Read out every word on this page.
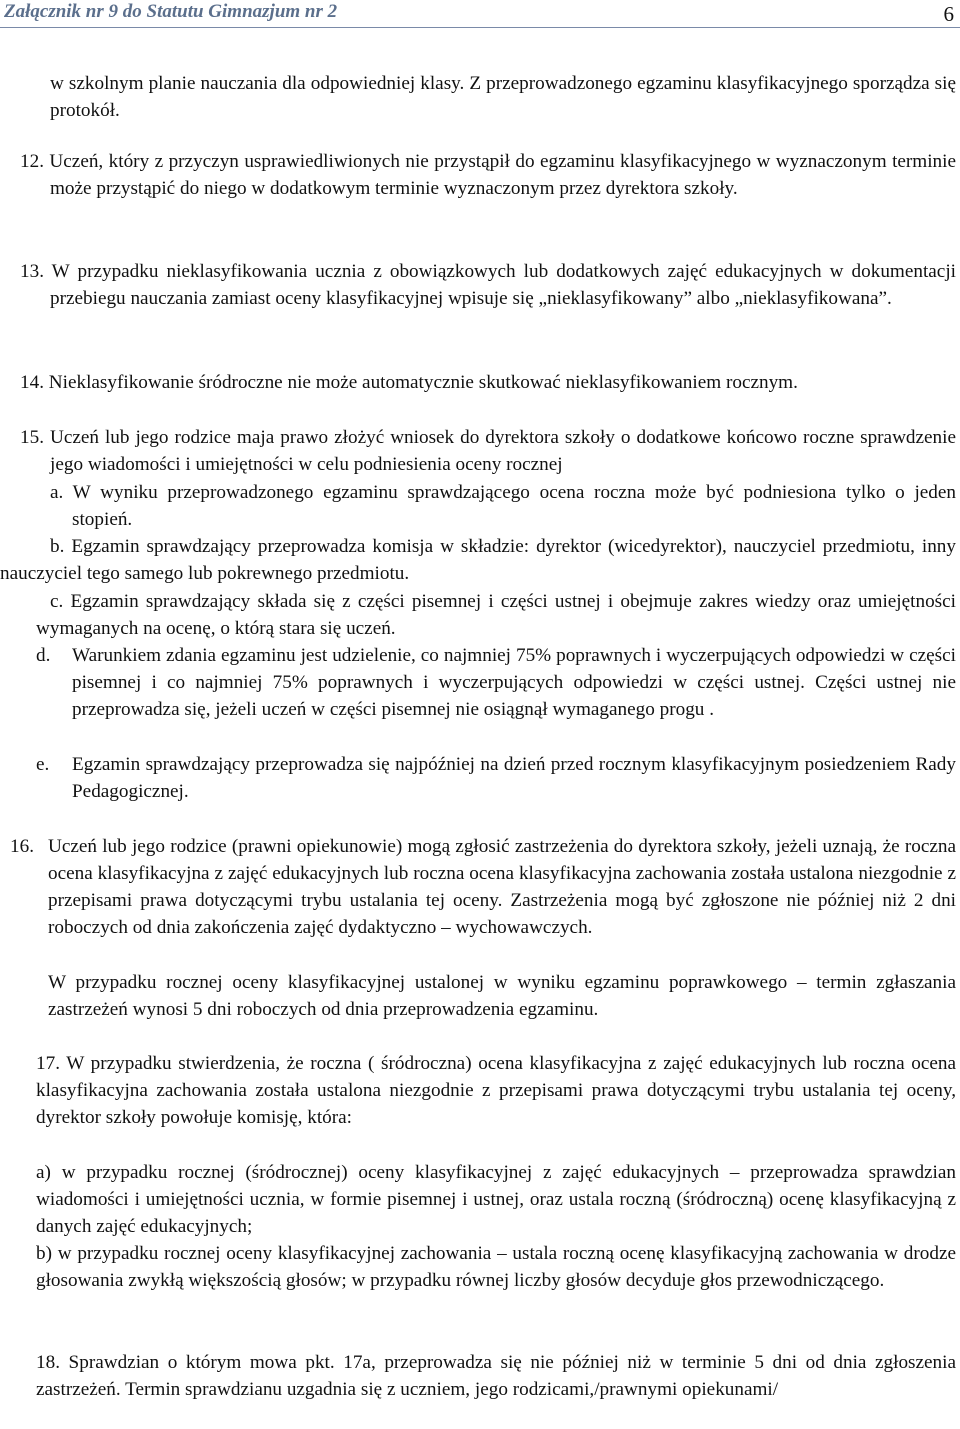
Załącznik nr 9 do Statutu Gimnazjum nr 2	6

w szkolnym planie nauczania dla odpowiedniej klasy. Z przeprowadzonego egzaminu klasyfikacyjnego sporządza się protokół.

12. Uczeń, który z przyczyn usprawiedliwionych nie przystąpił do egzaminu klasyfikacyjnego w wyznaczonym terminie może przystąpić do niego w dodatkowym terminie wyznaczonym przez dyrektora szkoły.

13. W przypadku nieklasyfikowania ucznia z obowiązkowych lub dodatkowych zajęć edukacyjnych w dokumentacji przebiegu nauczania zamiast oceny klasyfikacyjnej wpisuje się „nieklasyfikowany” albo „nieklasyfikowana”.

14. Nieklasyfikowanie śródroczne nie może automatycznie skutkować nieklasyfikowaniem rocznym.

15. Uczeń lub jego rodzice maja prawo złożyć wniosek do dyrektora szkoły o dodatkowe końcowo roczne sprawdzenie jego wiadomości i umiejętności w celu podniesienia oceny rocznej

a. W wyniku przeprowadzonego egzaminu sprawdzającego ocena roczna może być podniesiona tylko o jeden stopień.

b. Egzamin sprawdzający przeprowadza komisja w składzie: dyrektor (wicedyrektor), nauczyciel przedmiotu, inny nauczyciel tego samego lub pokrewnego przedmiotu.

c. Egzamin sprawdzający składa się z części pisemnej i części ustnej i obejmuje zakres wiedzy oraz umiejętności wymaganych na ocenę, o którą stara się uczeń.

d. Warunkiem zdania egzaminu jest udzielenie, co najmniej 75% poprawnych i wyczerpujących odpowiedzi w części pisemnej i co najmniej 75% poprawnych i wyczerpujących odpowiedzi w części ustnej. Części ustnej nie przeprowadza się, jeżeli uczeń w części pisemnej nie osiągnął wymaganego progu .

e. Egzamin sprawdzający przeprowadza się najpóźniej na dzień przed rocznym klasyfikacyjnym posiedzeniem Rady Pedagogicznej.

16. Uczeń lub jego rodzice (prawni opiekunowie) mogą zgłosić zastrzeżenia do dyrektora szkoły, jeżeli uznają, że roczna ocena klasyfikacyjna z zajęć edukacyjnych lub roczna ocena klasyfikacyjna zachowania została ustalona niezgodnie z przepisami prawa dotyczącymi trybu ustalania tej oceny. Zastrzeżenia mogą być zgłoszone nie później niż 2 dni roboczych od dnia zakończenia zajęć dydaktyczno – wychowawczych.

W przypadku rocznej oceny klasyfikacyjnej ustalonej w wyniku egzaminu poprawkowego – termin zgłaszania zastrzeżeń wynosi 5 dni roboczych od dnia przeprowadzenia egzaminu.

17. W przypadku stwierdzenia, że roczna ( śródroczna) ocena klasyfikacyjna z zajęć edukacyjnych lub roczna ocena klasyfikacyjna zachowania została ustalona niezgodnie z przepisami prawa dotyczącymi trybu ustalania tej oceny, dyrektor szkoły powołuje komisję, która:

a) w przypadku rocznej (śródrocznej) oceny klasyfikacyjnej z zajęć edukacyjnych – przeprowadza sprawdzian wiadomości i umiejętności ucznia, w formie pisemnej i ustnej, oraz ustala roczną (śródroczną) ocenę klasyfikacyjną z danych zajęć edukacyjnych;

b) w przypadku rocznej oceny klasyfikacyjnej zachowania – ustala roczną ocenę klasyfikacyjną zachowania w drodze głosowania zwykłą większością głosów; w przypadku równej liczby głosów decyduje głos przewodniczącego.

18. Sprawdzian o którym mowa pkt. 17a, przeprowadza się nie później niż w terminie 5 dni od dnia zgłoszenia zastrzeżeń. Termin sprawdzianu uzgadnia się z uczniem, jego rodzicami,/prawnymi opiekunami/
